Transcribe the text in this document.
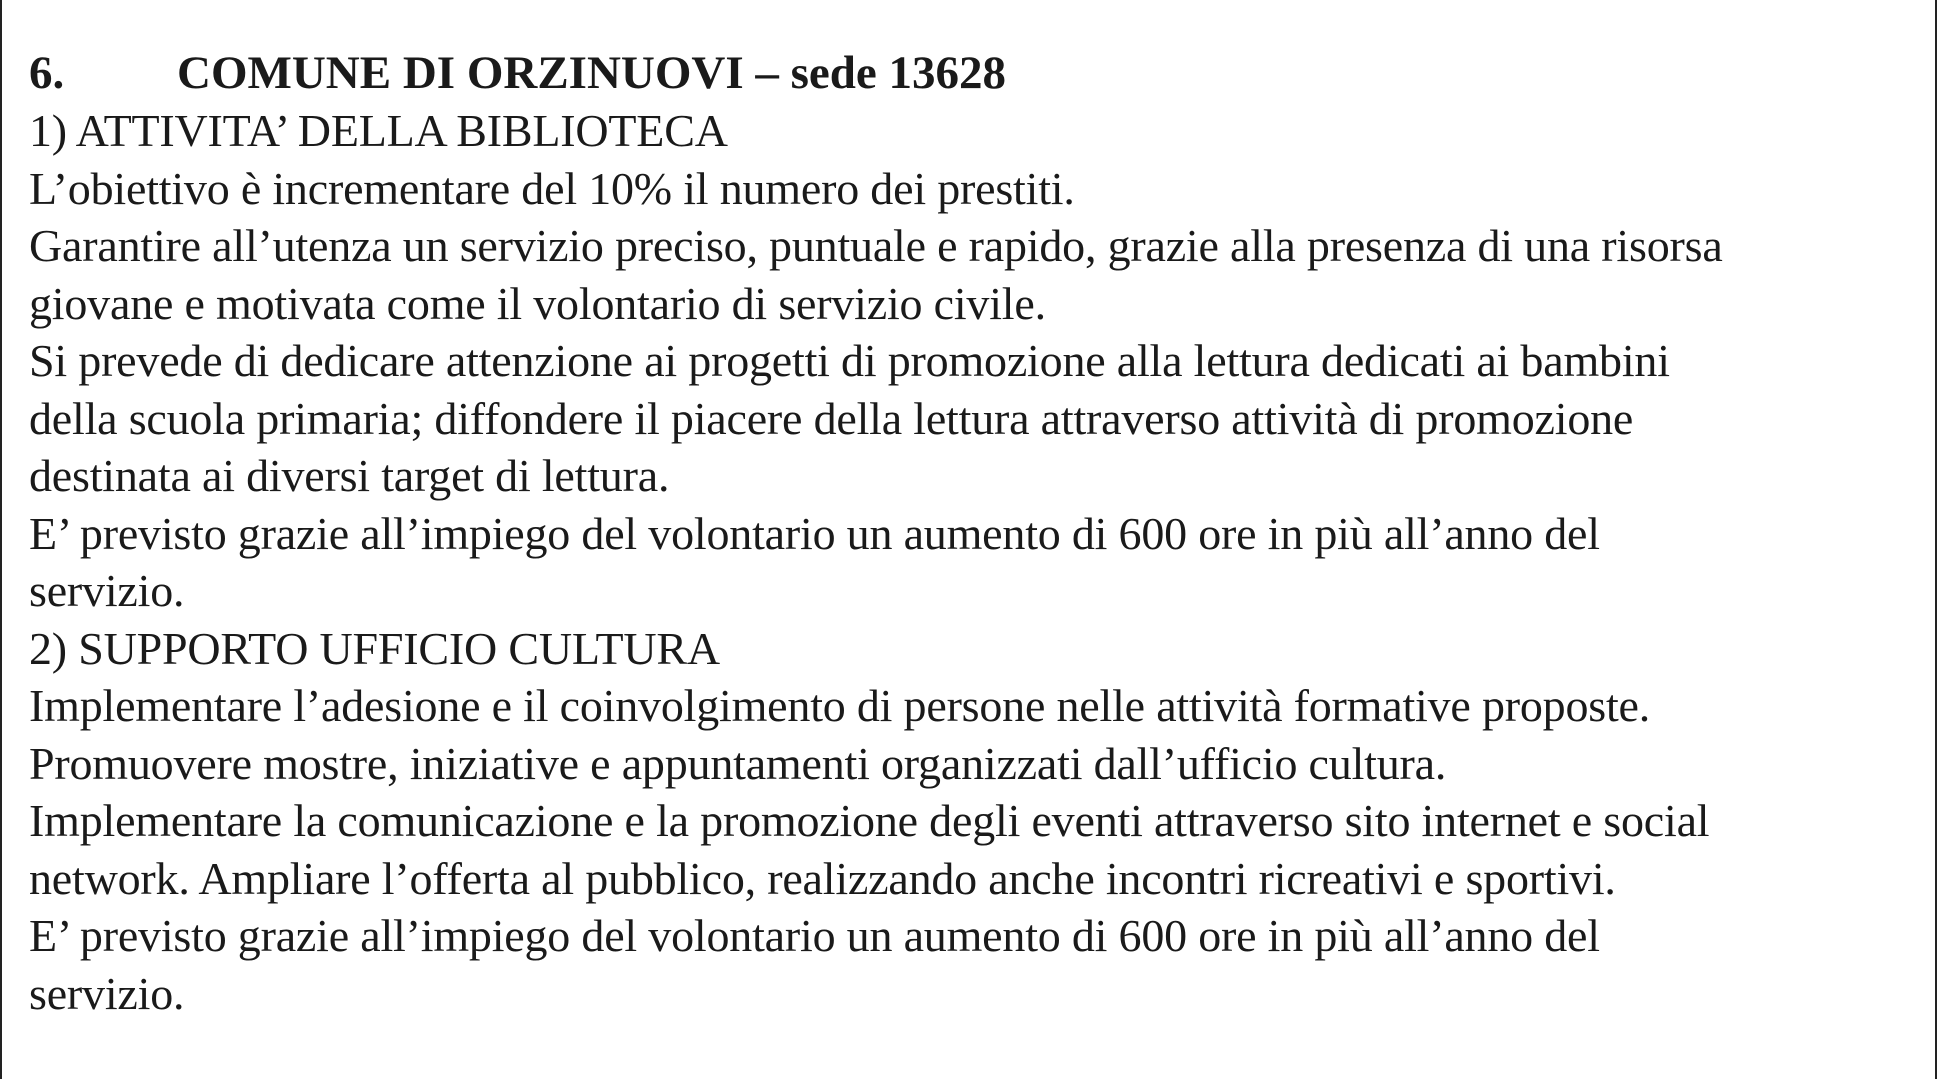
6. COMUNE DI ORZINUOVI – sede 13628
1) ATTIVITA’ DELLA BIBLIOTECA
L’obiettivo è incrementare del 10% il numero dei prestiti.
Garantire all’utenza un servizio preciso, puntuale e rapido, grazie alla presenza di una risorsa
giovane e motivata come il volontario di servizio civile.
Si prevede di dedicare attenzione ai progetti di promozione alla lettura dedicati ai bambini
della scuola primaria; diffondere il piacere della lettura attraverso attività di promozione
destinata ai diversi target di lettura.
E’ previsto grazie all’impiego del volontario un aumento di 600 ore in più all’anno del
servizio.
2) SUPPORTO UFFICIO CULTURA
Implementare l’adesione e il coinvolgimento di persone nelle attività formative proposte.
Promuovere mostre, iniziative e appuntamenti organizzati dall’ufficio cultura.
Implementare la comunicazione e la promozione degli eventi attraverso sito internet e social
network. Ampliare l’offerta al pubblico, realizzando anche incontri ricreativi e sportivi.
E’ previsto grazie all’impiego del volontario un aumento di 600 ore in più all’anno del
servizio.
